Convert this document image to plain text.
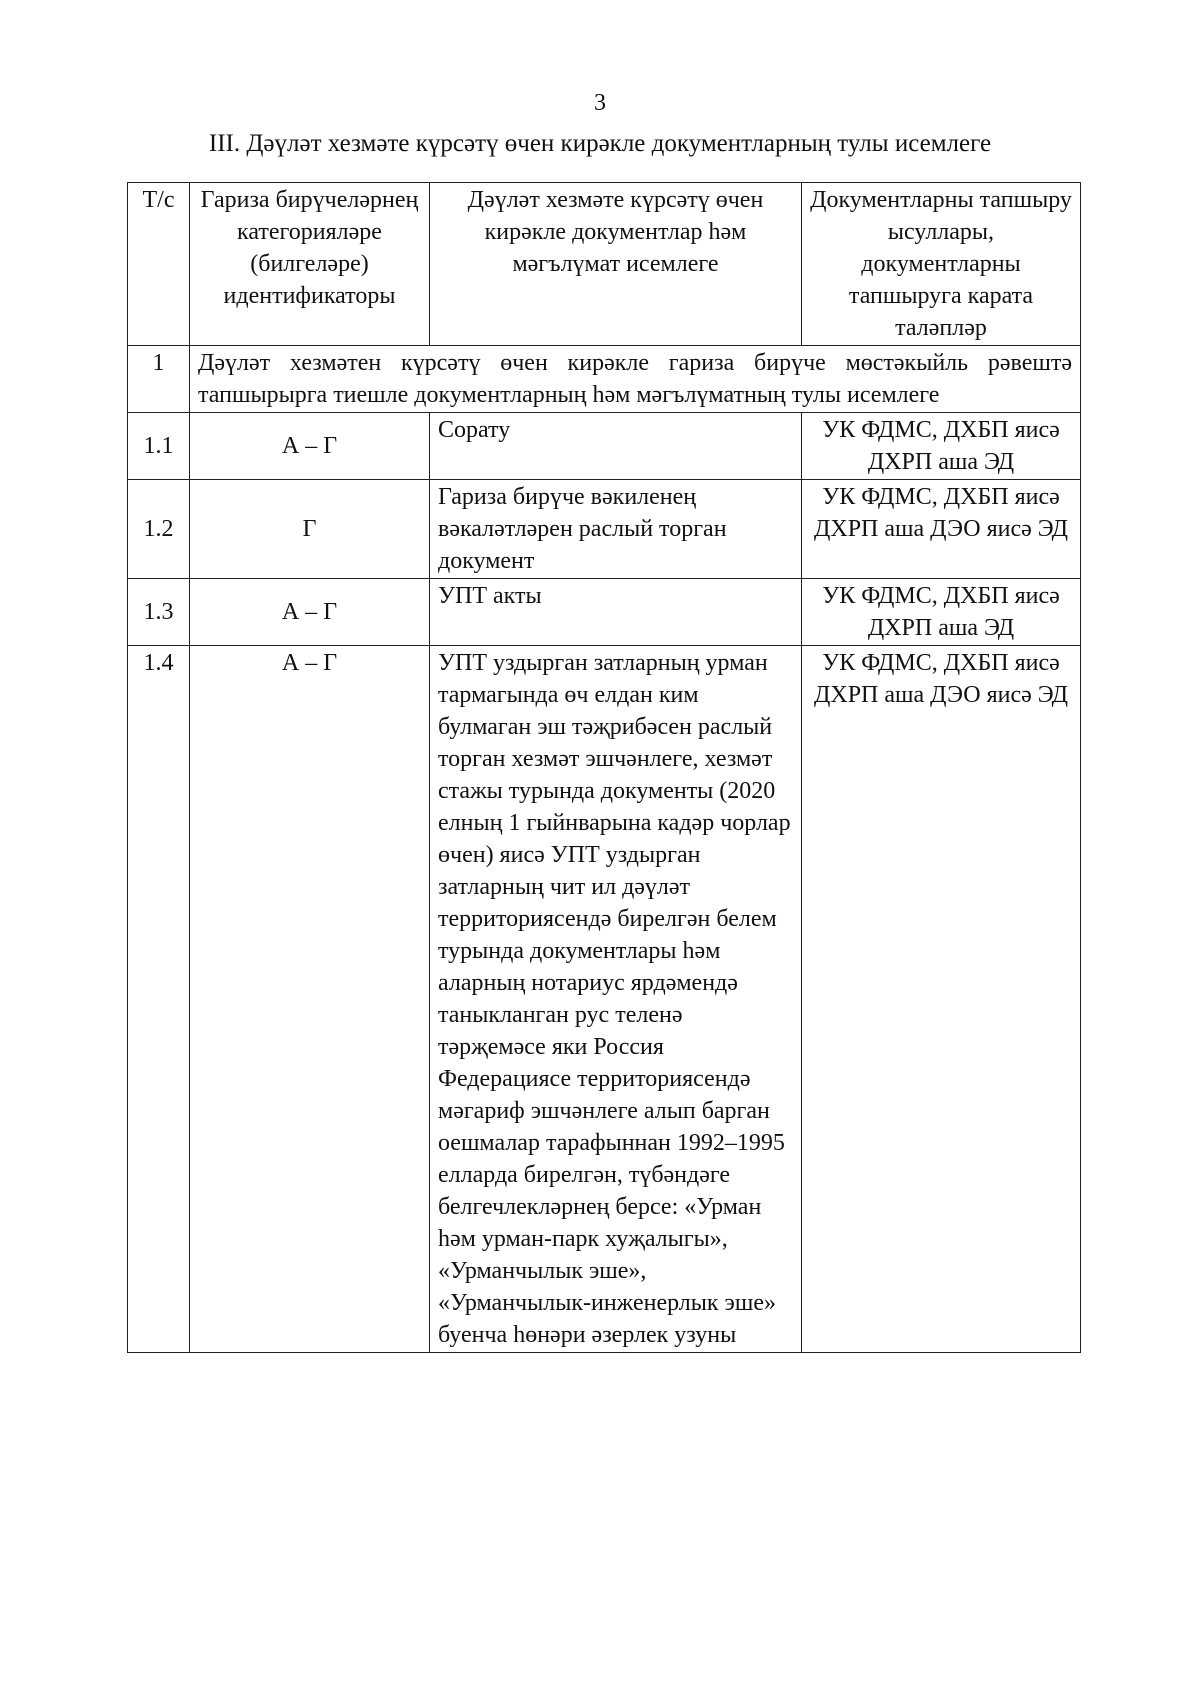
3
III. Дәүләт хезмәте күрсәтү өчен кирәкле документларның тулы исемлеге
Т/с	Гариза бирүчеләрнең категорияләре (билгеләре) идентификаторы	Дәүләт хезмәте күрсәтү өчен кирәкле документлар һәм мәгълүмат исемлеге	Документларны тапшыру ысуллары, документларны тапшыруга карата таләпләр
1	Дәүләт хезмәтен күрсәтү өчен кирәкле гариза бирүче мөстәкыйль рәвештә тапшырырга тиешле документларның һәм мәгълүматның тулы исемлеге		
1.1	А – Г	Сорату	УК ФДМС, ДХБП яисә ДХРП аша ЭД
1.2	Г	Гариза бирүче вәкиленең вәкаләтләрен раслый торган документ	УК ФДМС, ДХБП яисә ДХРП аша ДЭО яисә ЭД
1.3	А – Г	УПТ акты	УК ФДМС, ДХБП яисә ДХРП аша ЭД
1.4	А – Г	УПТ уздырган затларның урман тармагында өч елдан ким булмаган эш тәҗрибәсен раслый торган хезмәт эшчәнлеге, хезмәт стажы турында документы (2020 елның 1 гыйнварына кадәр чорлар өчен) яисә УПТ уздырган затларның чит ил дәүләт территориясендә бирелгән белем турында документлары һәм аларның нотариус ярдәмендә таныкланган рус теленә тәрҗемәсе яки Россия Федерациясе территориясендә мәгариф эшчәнлеге алып барган оешмалар тарафыннан 1992–1995 елларда бирелгән, түбәндәге белгечлекләрнең берсе: «Урман һәм урман-парк хуҗалыгы», «Урманчылык эше», «Урманчылык-инженерлык эше» буенча һөнәри әзерлек узуны	УК ФДМС, ДХБП яисә ДХРП аша ДЭО яисә ЭД
